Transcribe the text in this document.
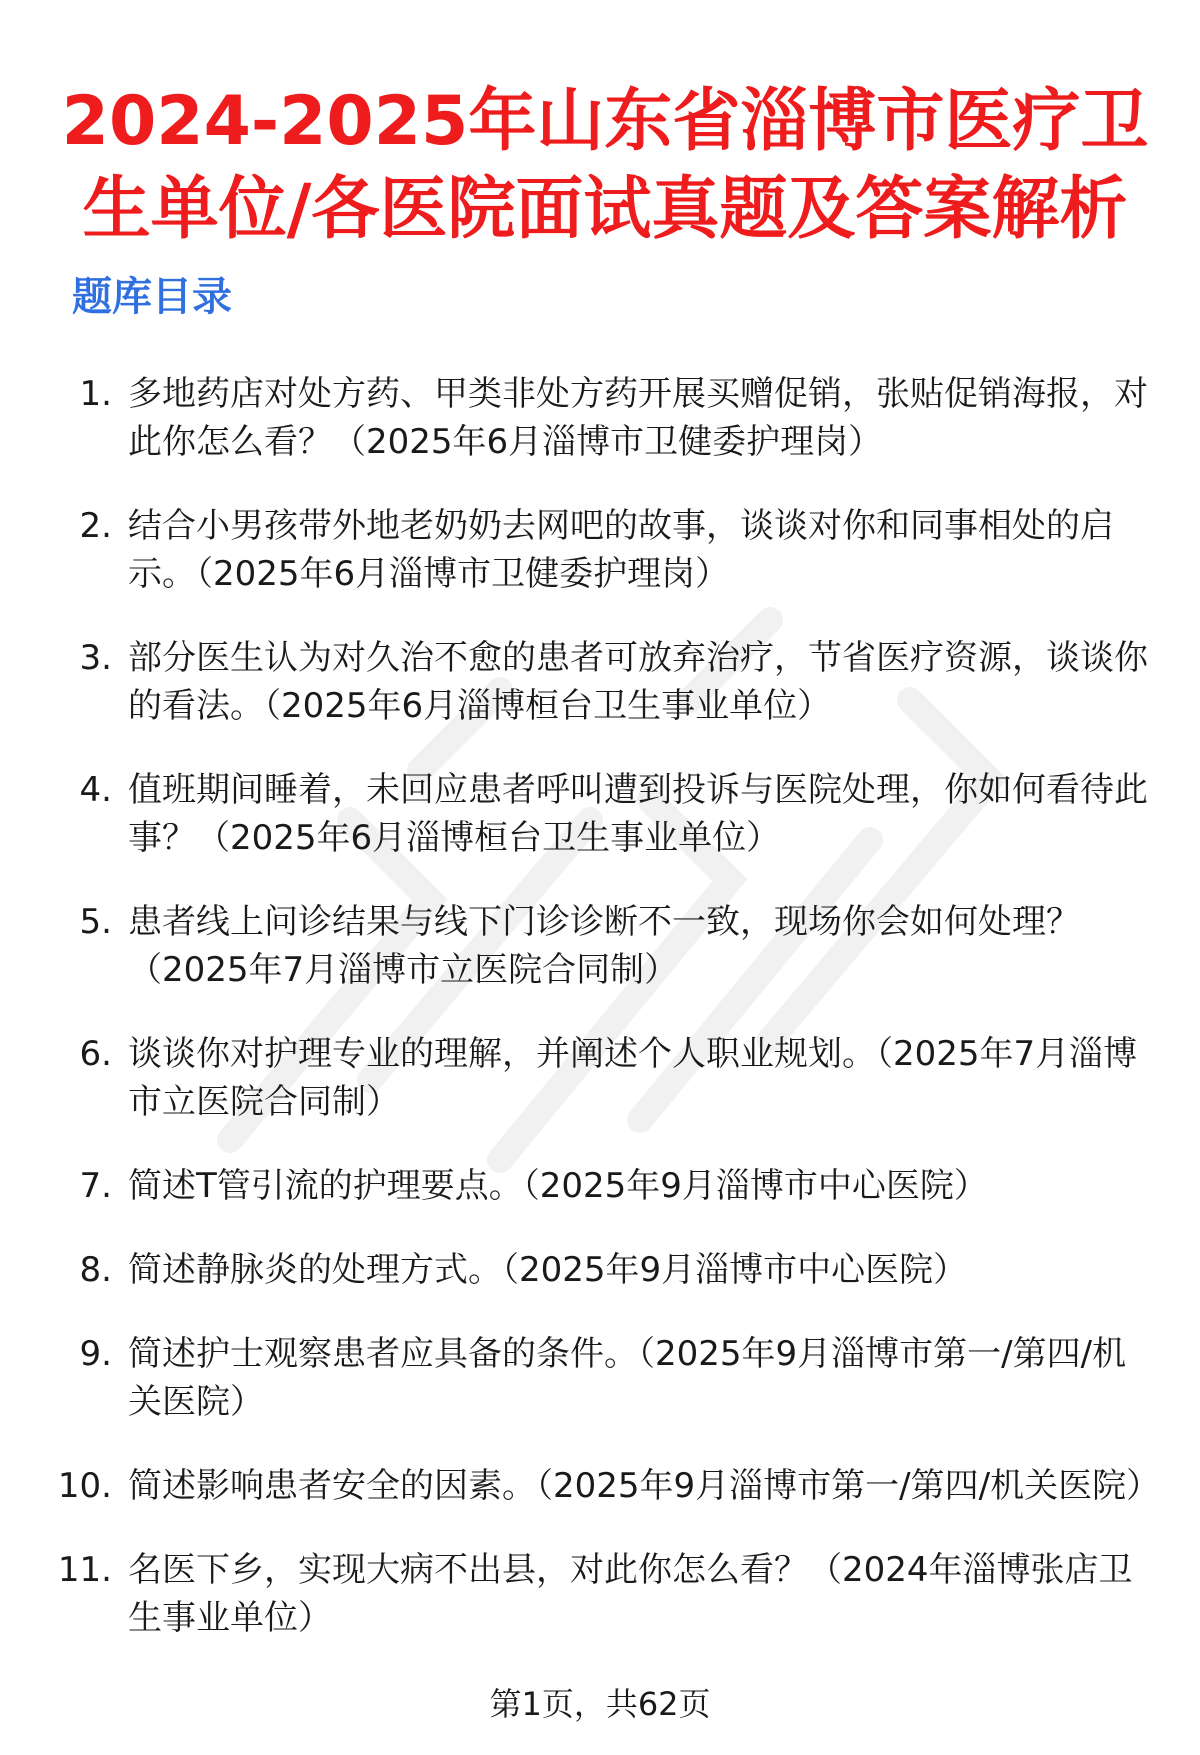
2024-2025年山东省淄博市医疗卫生单位/各医院面试真题及答案解析
题库目录
1. 多地药店对处方药、甲类非处方药开展买赠促销，张贴促销海报，对此你怎么看？（2025年6月淄博市卫健委护理岗）
2. 结合小男孩带外地老奶奶去网吧的故事，谈谈对你和同事相处的启示。（2025年6月淄博市卫健委护理岗）
3. 部分医生认为对久治不愈的患者可放弃治疗，节省医疗资源，谈谈你的看法。（2025年6月淄博桓台卫生事业单位）
4. 值班期间睡着，未回应患者呼叫遭到投诉与医院处理，你如何看待此事？（2025年6月淄博桓台卫生事业单位）
5. 患者线上问诊结果与线下门诊诊断不一致，现场你会如何处理？（2025年7月淄博市立医院合同制）
6. 谈谈你对护理专业的理解，并阐述个人职业规划。（2025年7月淄博市立医院合同制）
7. 简述T管引流的护理要点。（2025年9月淄博市中心医院）
8. 简述静脉炎的处理方式。（2025年9月淄博市中心医院）
9. 简述护士观察患者应具备的条件。（2025年9月淄博市第一/第四/机关医院）
10. 简述影响患者安全的因素。（2025年9月淄博市第一/第四/机关医院）
11. 名医下乡，实现大病不出县，对此你怎么看？（2024年淄博张店卫生事业单位）
第1页，共62页
